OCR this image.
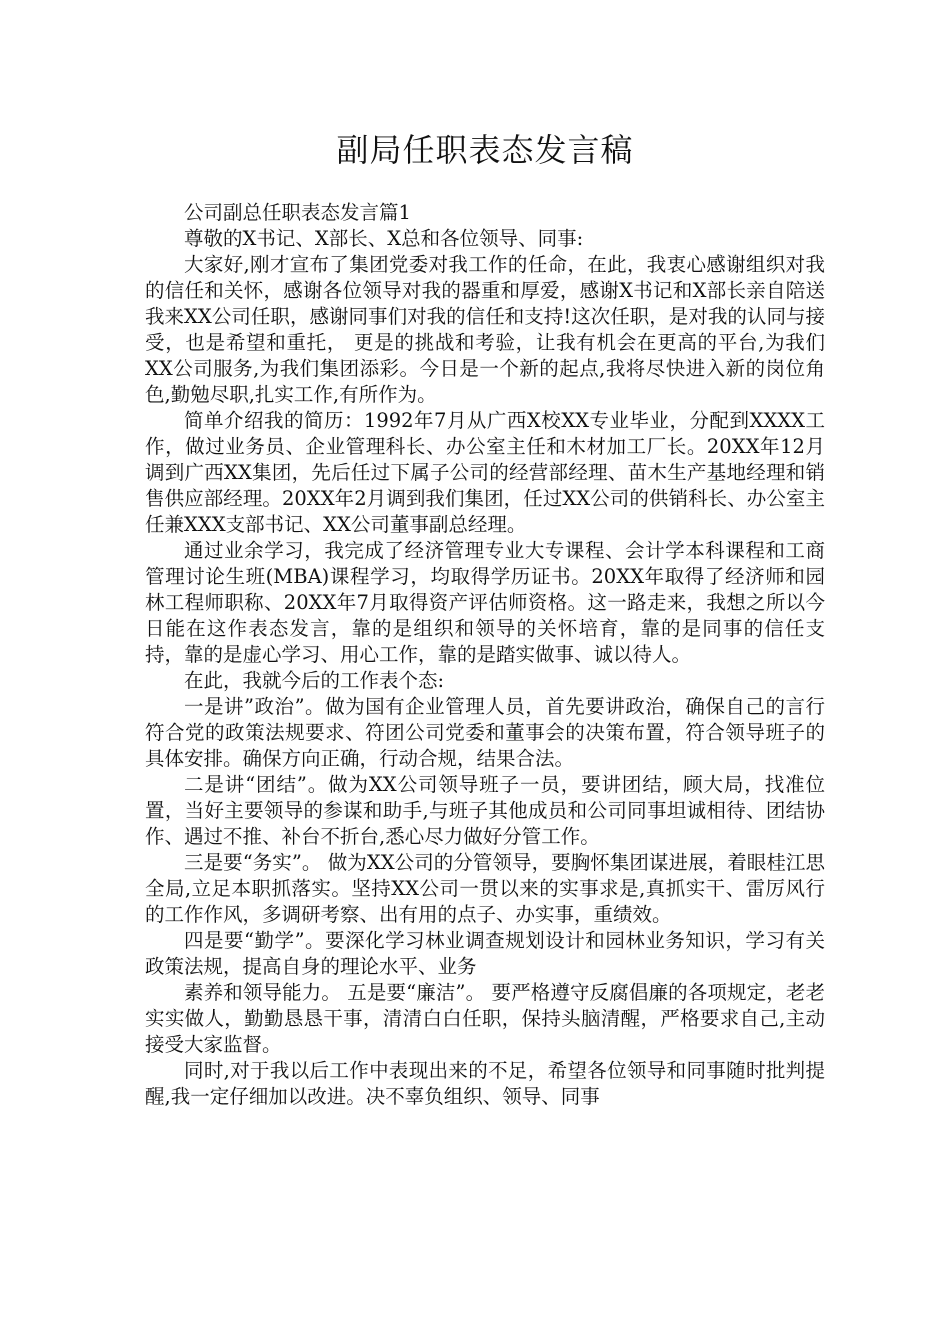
副局任职表态发言稿

公司副总任职表态发言篇1

尊敬的X书记、X部长、X总和各位领导、同事:

大家好,刚才宣布了集团党委对我工作的任命，在此，我衷心感谢组织对我的信任和关怀，感谢各位领导对我的器重和厚爱，感谢X书记和X部长亲自陪送我来XX公司任职，感谢同事们对我的信任和支持!这次任职，是对我的认同与接受，也是希望和重托， 更是的挑战和考验，让我有机会在更高的平台,为我们XX公司服务,为我们集团添彩。今日是一个新的起点,我将尽快进入新的岗位角色,勤勉尽职,扎实工作,有所作为。

简单介绍我的简历：1992年7月从广西X校XX专业毕业，分配到XXXX工作，做过业务员、企业管理科长、办公室主任和木材加工厂长。20XX年12月调到广西XX集团，先后任过下属子公司的经营部经理、苗木生产基地经理和销售供应部经理。20XX年2月调到我们集团，任过XX公司的供销科长、办公室主任兼XXX支部书记、XX公司董事副总经理。

通过业余学习，我完成了经济管理专业大专课程、会计学本科课程和工商管理讨论生班(MBA)课程学习，均取得学历证书。20XX年取得了经济师和园林工程师职称、20XX年7月取得资产评估师资格。这一路走来，我想之所以今日能在这作表态发言，靠的是组织和领导的关怀培育，靠的是同事的信任支持，靠的是虚心学习、用心工作，靠的是踏实做事、诚以待人。

在此，我就今后的工作表个态:

一是讲”政治”。做为国有企业管理人员，首先要讲政治，确保自己的言行符合党的政策法规要求、符团公司党委和董事会的决策布置，符合领导班子的具体安排。确保方向正确，行动合规，结果合法。

二是讲“团结”。做为XX公司领导班子一员，要讲团结，顾大局，找准位置，当好主要领导的参谋和助手,与班子其他成员和公司同事坦诚相待、团结协作、遇过不推、补台不折台,悉心尽力做好分管工作。

三是要“务实”。 做为XX公司的分管领导，要胸怀集团谋进展，着眼桂江思全局,立足本职抓落实。坚持XX公司一贯以来的实事求是,真抓实干、雷厉风行的工作作风，多调研考察、出有用的点子、办实事，重绩效。

四是要“勤学”。要深化学习林业调查规划设计和园林业务知识，学习有关政策法规，提高自身的理论水平、业务

素养和领导能力。 五是要“廉洁”。 要严格遵守反腐倡廉的各项规定，老老实实做人，勤勤恳恳干事，清清白白任职，保持头脑清醒，严格要求自己,主动接受大家监督。

同时,对于我以后工作中表现出来的不足，希望各位领导和同事随时批判提醒,我一定仔细加以改进。决不辜负组织、领导、同事
